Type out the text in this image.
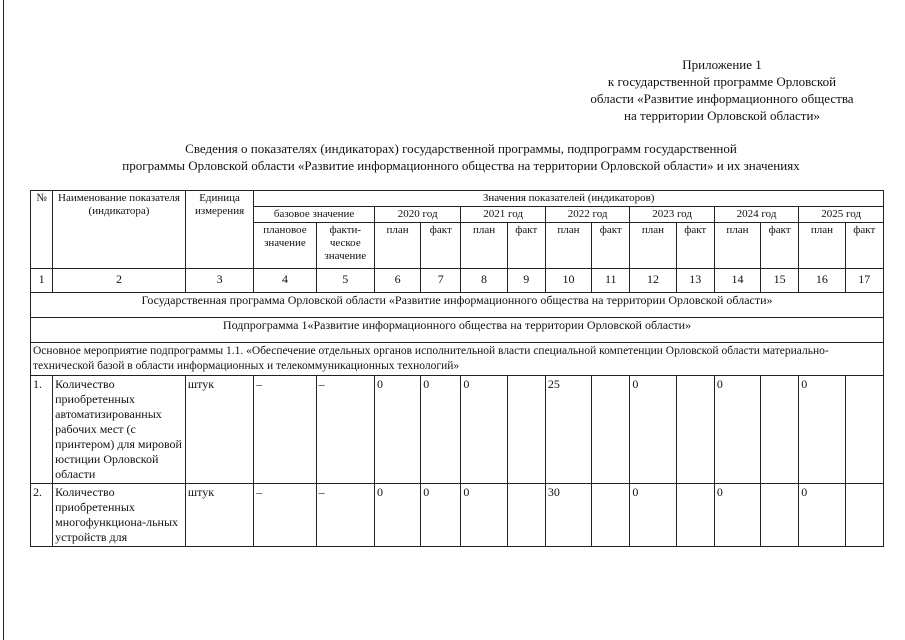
Приложение 1
к государственной программе Орловской
области «Развитие информационного общества
на территории Орловской области»
Сведения о показателях (индикаторах) государственной программы, подпрограмм государственной
программы Орловской области «Развитие информационного общества на территории Орловской области» и их значениях
№	Наименование показателя (индикатора)	Единица измерения	Значения показателей (индикаторов)													
			базовое значение		2020 год		2021 год		2022 год		2023 год		2024 год		2025 год	
			плановое значение	факти-ческое значение	план	факт	план	факт	план	факт	план	факт	план	факт	план	факт
1	2	3	4	5	6	7	8	9	10	11	12	13	14	15	16	17
Государственная программа Орловской области «Развитие информационного общества на территории Орловской области»																
Подпрограмма 1«Развитие информационного общества на территории Орловской области»																
Основное мероприятие подпрограммы 1.1. «Обеспечение отдельных органов исполнительной власти специальной компетенции Орловской области материально-технической базой в области информационных и телекоммуникационных технологий»																
1.	Количество приобретенных автоматизированных рабочих мест (с принтером) для мировой юстиции Орловской области	штук	–	–	0	0	0		25		0		0		0	
2.	Количество приобретенных многофункциона-льных устройств для	штук	–	–	0	0	0		30		0		0		0	
